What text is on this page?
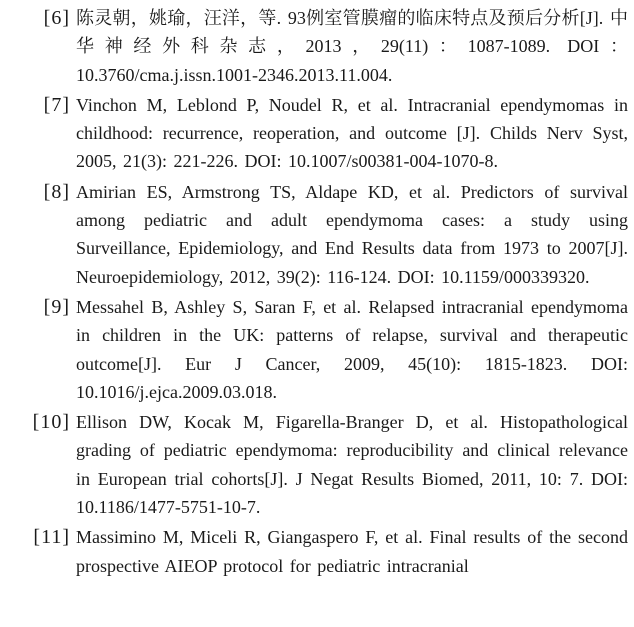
[6] 陈灵朝，姚瑜，汪洋，等. 93例室管膜瘤的临床特点及预后分析[J]. 中华神经外科杂志，2013，29(11)：1087-1089. DOI：10.3760/cma.j.issn.1001-2346.2013.11.004.
[7] Vinchon M, Leblond P, Noudel R, et al. Intracranial ependymomas in childhood: recurrence, reoperation, and outcome [J]. Childs Nerv Syst, 2005, 21(3): 221-226. DOI: 10.1007/s00381-004-1070-8.
[8] Amirian ES, Armstrong TS, Aldape KD, et al. Predictors of survival among pediatric and adult ependymoma cases: a study using Surveillance, Epidemiology, and End Results data from 1973 to 2007[J]. Neuroepidemiology, 2012, 39(2): 116-124. DOI: 10.1159/000339320.
[9] Messahel B, Ashley S, Saran F, et al. Relapsed intracranial ependymoma in children in the UK: patterns of relapse, survival and therapeutic outcome[J]. Eur J Cancer, 2009, 45(10): 1815-1823. DOI: 10.1016/j.ejca.2009.03.018.
[10] Ellison DW, Kocak M, Figarella-Branger D, et al. Histopathological grading of pediatric ependymoma: reproducibility and clinical relevance in European trial cohorts[J]. J Negat Results Biomed, 2011, 10: 7. DOI: 10.1186/1477-5751-10-7.
[11] Massimino M, Miceli R, Giangaspero F, et al. Final results of the second prospective AIEOP protocol for pediatric intracranial
